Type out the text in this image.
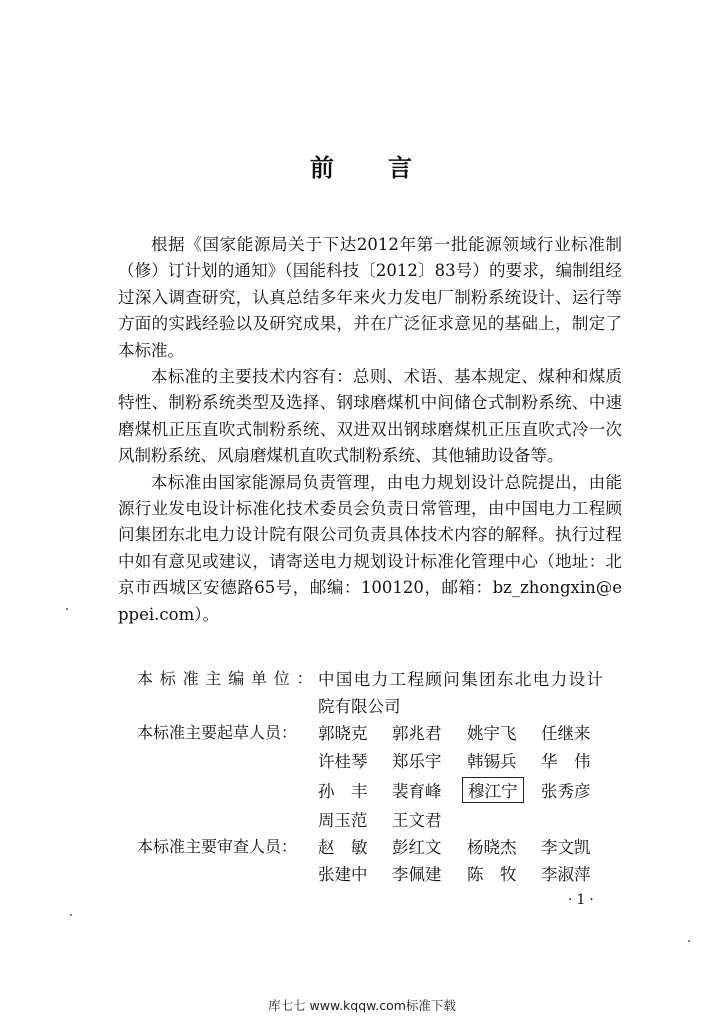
前 言

根据《国家能源局关于下达2012年第一批能源领域行业标准制（修）订计划的通知》（国能科技〔2012〕83号）的要求，编制组经过深入调查研究，认真总结多年来火力发电厂制粉系统设计、运行等方面的实践经验以及研究成果，并在广泛征求意见的基础上，制定了本标准。

本标准的主要技术内容有：总则、术语、基本规定、煤种和煤质特性、制粉系统类型及选择、钢球磨煤机中间储仓式制粉系统、中速磨煤机正压直吹式制粉系统、双进双出钢球磨煤机正压直吹式冷一次风制粉系统、风扇磨煤机直吹式制粉系统、其他辅助设备等。

本标准由国家能源局负责管理，由电力规划设计总院提出，由能源行业发电设计标准化技术委员会负责日常管理，由中国电力工程顾问集团东北电力设计院有限公司负责具体技术内容的解释。执行过程中如有意见或建议，请寄送电力规划设计标准化管理中心（地址：北京市西城区安德路65号，邮编：100120，邮箱：bz_zhongxin@eppei.com）。

本标准主编单位：
中国电力工程顾问集团东北电力设计
院有限公司
本标准主要起草人员： 郭晓克 郭兆君 姚宇飞 任继来
许桂琴 郑乐宇 韩锡兵 华　伟
孙　丰 裴育峰	穆江宁	张秀彦
周玉范 王文君
本标准主要审查人员： 赵　敏 彭红文 杨晓杰 李文凯
张建中 李佩建 陈　牧 李淑萍
·1·
库七七 www.kqqw.com标准下载
